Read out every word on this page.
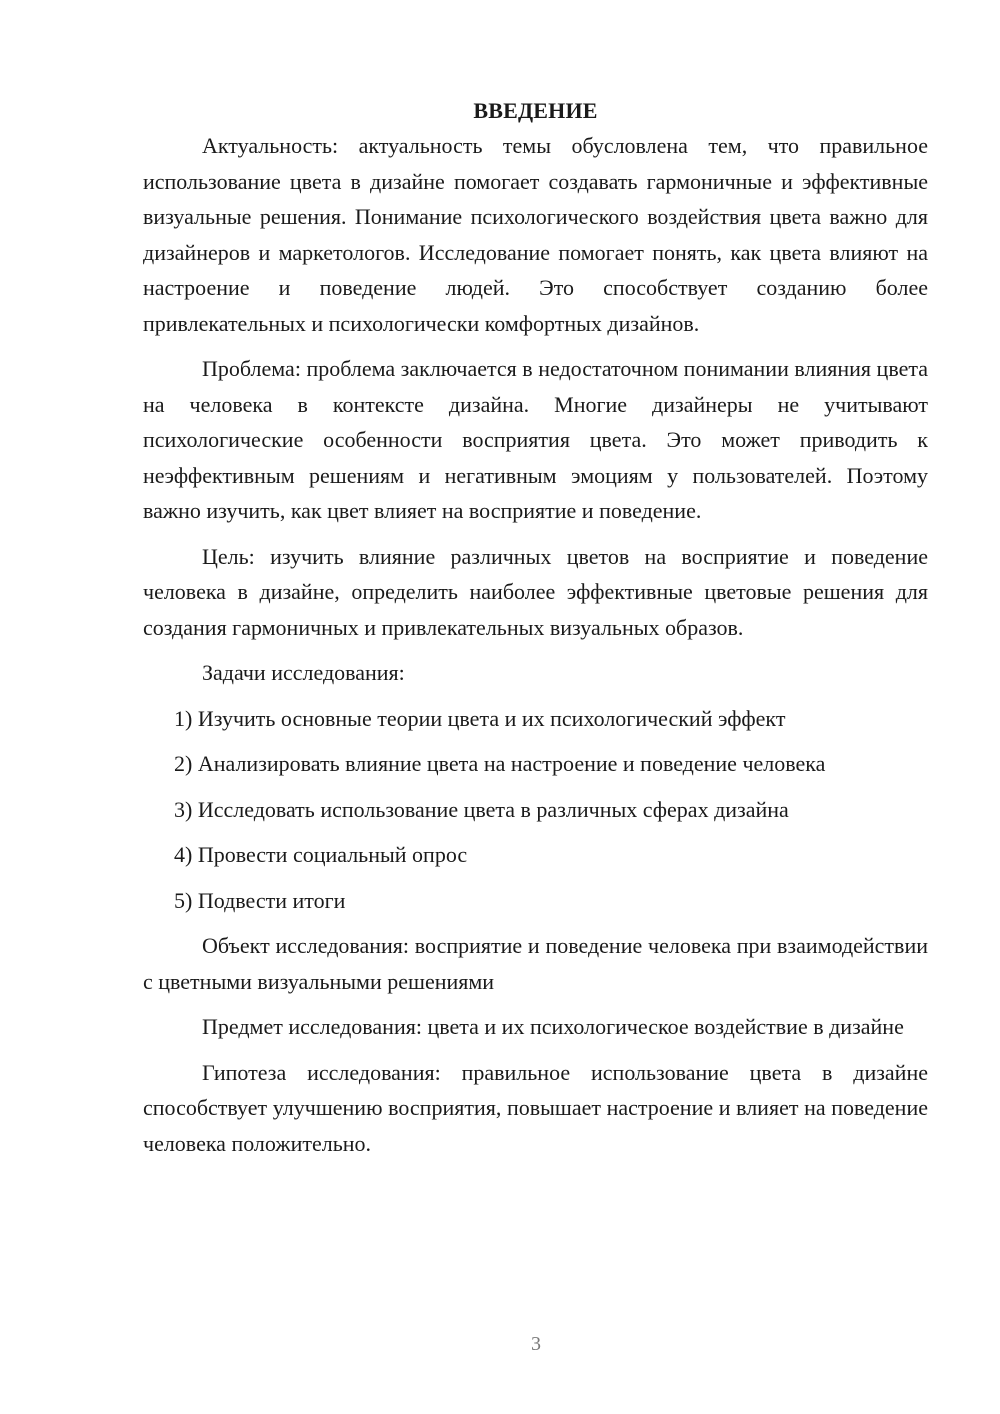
ВВЕДЕНИЕ

Актуальность: актуальность темы обусловлена тем, что правильное использование цвета в дизайне помогает создавать гармоничные и эффективные визуальные решения. Понимание психологического воздействия цвета важно для дизайнеров и маркетологов. Исследование помогает понять, как цвета влияют на настроение и поведение людей. Это способствует созданию более привлекательных и психологически комфортных дизайнов.

Проблема: проблема заключается в недостаточном понимании влияния цвета на человека в контексте дизайна. Многие дизайнеры не учитывают психологические особенности восприятия цвета. Это может приводить к неэффективным решениям и негативным эмоциям у пользователей. Поэтому важно изучить, как цвет влияет на восприятие и поведение.

Цель: изучить влияние различных цветов на восприятие и поведение человека в дизайне, определить наиболее эффективные цветовые решения для создания гармоничных и привлекательных визуальных образов.

Задачи исследования:

1) Изучить основные теории цвета и их психологический эффект

2) Анализировать влияние цвета на настроение и поведение человека

3) Исследовать использование цвета в различных сферах дизайна

4) Провести социальный опрос

5) Подвести итоги

Объект исследования: восприятие и поведение человека при взаимодействии с цветными визуальными решениями

Предмет исследования: цвета и их психологическое воздействие в дизайне

Гипотеза исследования: правильное использование цвета в дизайне способствует улучшению восприятия, повышает настроение и влияет на поведение человека положительно.

3
